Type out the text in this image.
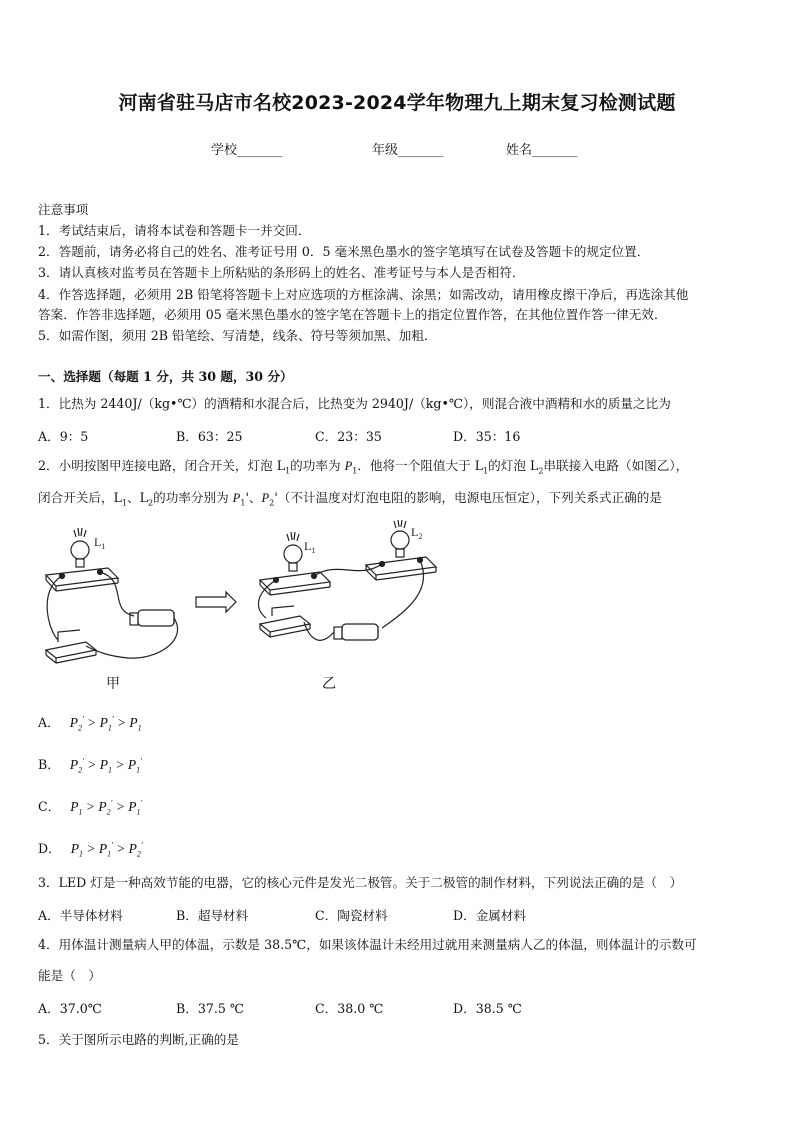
河南省驻马店市名校2023-2024学年物理九上期末复习检测试题
学校_______	年级_______	姓名_______
注意事项
1．考试结束后，请将本试卷和答题卡一并交回．
2．答题前，请务必将自己的姓名、准考证号用 0．5 毫米黑色墨水的签字笔填写在试卷及答题卡的规定位置．
3．请认真核对监考员在答题卡上所粘贴的条形码上的姓名、准考证号与本人是否相符．
4．作答选择题，必须用 2B 铅笔将答题卡上对应选项的方框涂满、涂黑；如需改动，请用橡皮擦干净后，再选涂其他
答案．作答非选择题，必须用 05 毫米黑色墨水的签字笔在答题卡上的指定位置作答，在其他位置作答一律无效．
5．如需作图，须用 2B 铅笔绘、写清楚，线条、符号等须加黑、加粗．
一、选择题（每题 1 分，共 30 题，30 分）
1．比热为 2440J/（kg•℃）的酒精和水混合后，比热变为 2940J/（kg•℃），则混合液中酒精和水的质量之比为
A．9：5	B．63：25	C．23：35	D．35：16
2．小明按图甲连接电路，闭合开关，灯泡 $L_1$的功率为 $P_1$．他将一个阻值大于 $L_1$的灯泡 $L_2$串联接入电路（如图乙），
闭合开关后，$L_1$、$L_2$的功率分别为 $P_1'$、$P_2'$（不计温度对灯泡电阻的影响，电源电压恒定），下列关系式正确的是
$L_1$	$L_1$
$L_2$
甲	乙
A． $P_2' > P_1' > P_1$
B． $P_2' > P_1 > P_1'$
C． $P_1 > P_2' > P_1'$
D． $P_1 > P_1' > P_2'$
3．LED 灯是一种高效节能的电器，它的核心元件是发光二极管。关于二极管的制作材料，下列说法正确的是（　）
A．半导体材料	B．超导材料	C．陶瓷材料	D．金属材料
4．用体温计测量病人甲的体温，示数是 38.5℃，如果该体温计未经用过就用来测量病人乙的体温，则体温计的示数可
能是（　）
A．37.0℃	B．37.5 ℃	C．38.0 ℃	D．38.5 ℃
5．关于图所示电路的判断,正确的是
